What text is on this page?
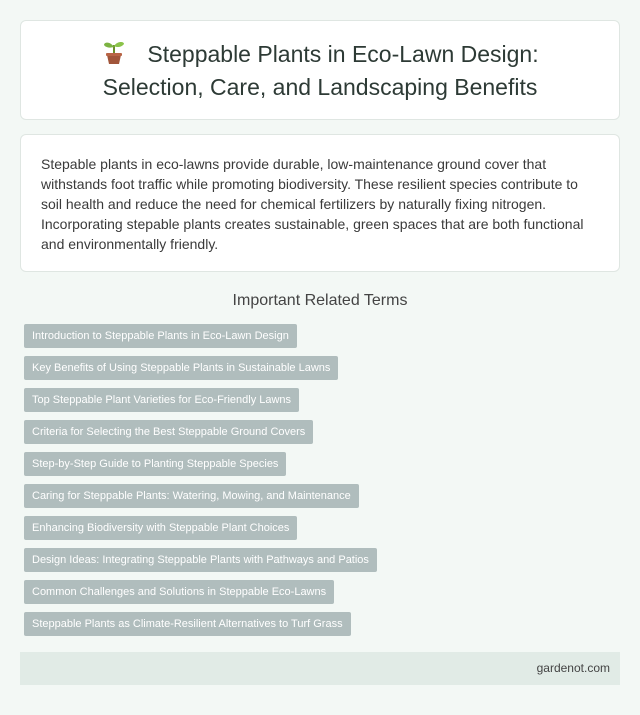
Steppable Plants in Eco-Lawn Design: Selection, Care, and Landscaping Benefits

Stepable plants in eco-lawns provide durable, low-maintenance ground cover that withstands foot traffic while promoting biodiversity. These resilient species contribute to soil health and reduce the need for chemical fertilizers by naturally fixing nitrogen. Incorporating stepable plants creates sustainable, green spaces that are both functional and environmentally friendly.

Important Related Terms
Introduction to Steppable Plants in Eco-Lawn Design
Key Benefits of Using Steppable Plants in Sustainable Lawns
Top Steppable Plant Varieties for Eco-Friendly Lawns
Criteria for Selecting the Best Steppable Ground Covers
Step-by-Step Guide to Planting Steppable Species
Caring for Steppable Plants: Watering, Mowing, and Maintenance
Enhancing Biodiversity with Steppable Plant Choices
Design Ideas: Integrating Steppable Plants with Pathways and Patios
Common Challenges and Solutions in Steppable Eco-Lawns
Steppable Plants as Climate-Resilient Alternatives to Turf Grass
gardenot.com
